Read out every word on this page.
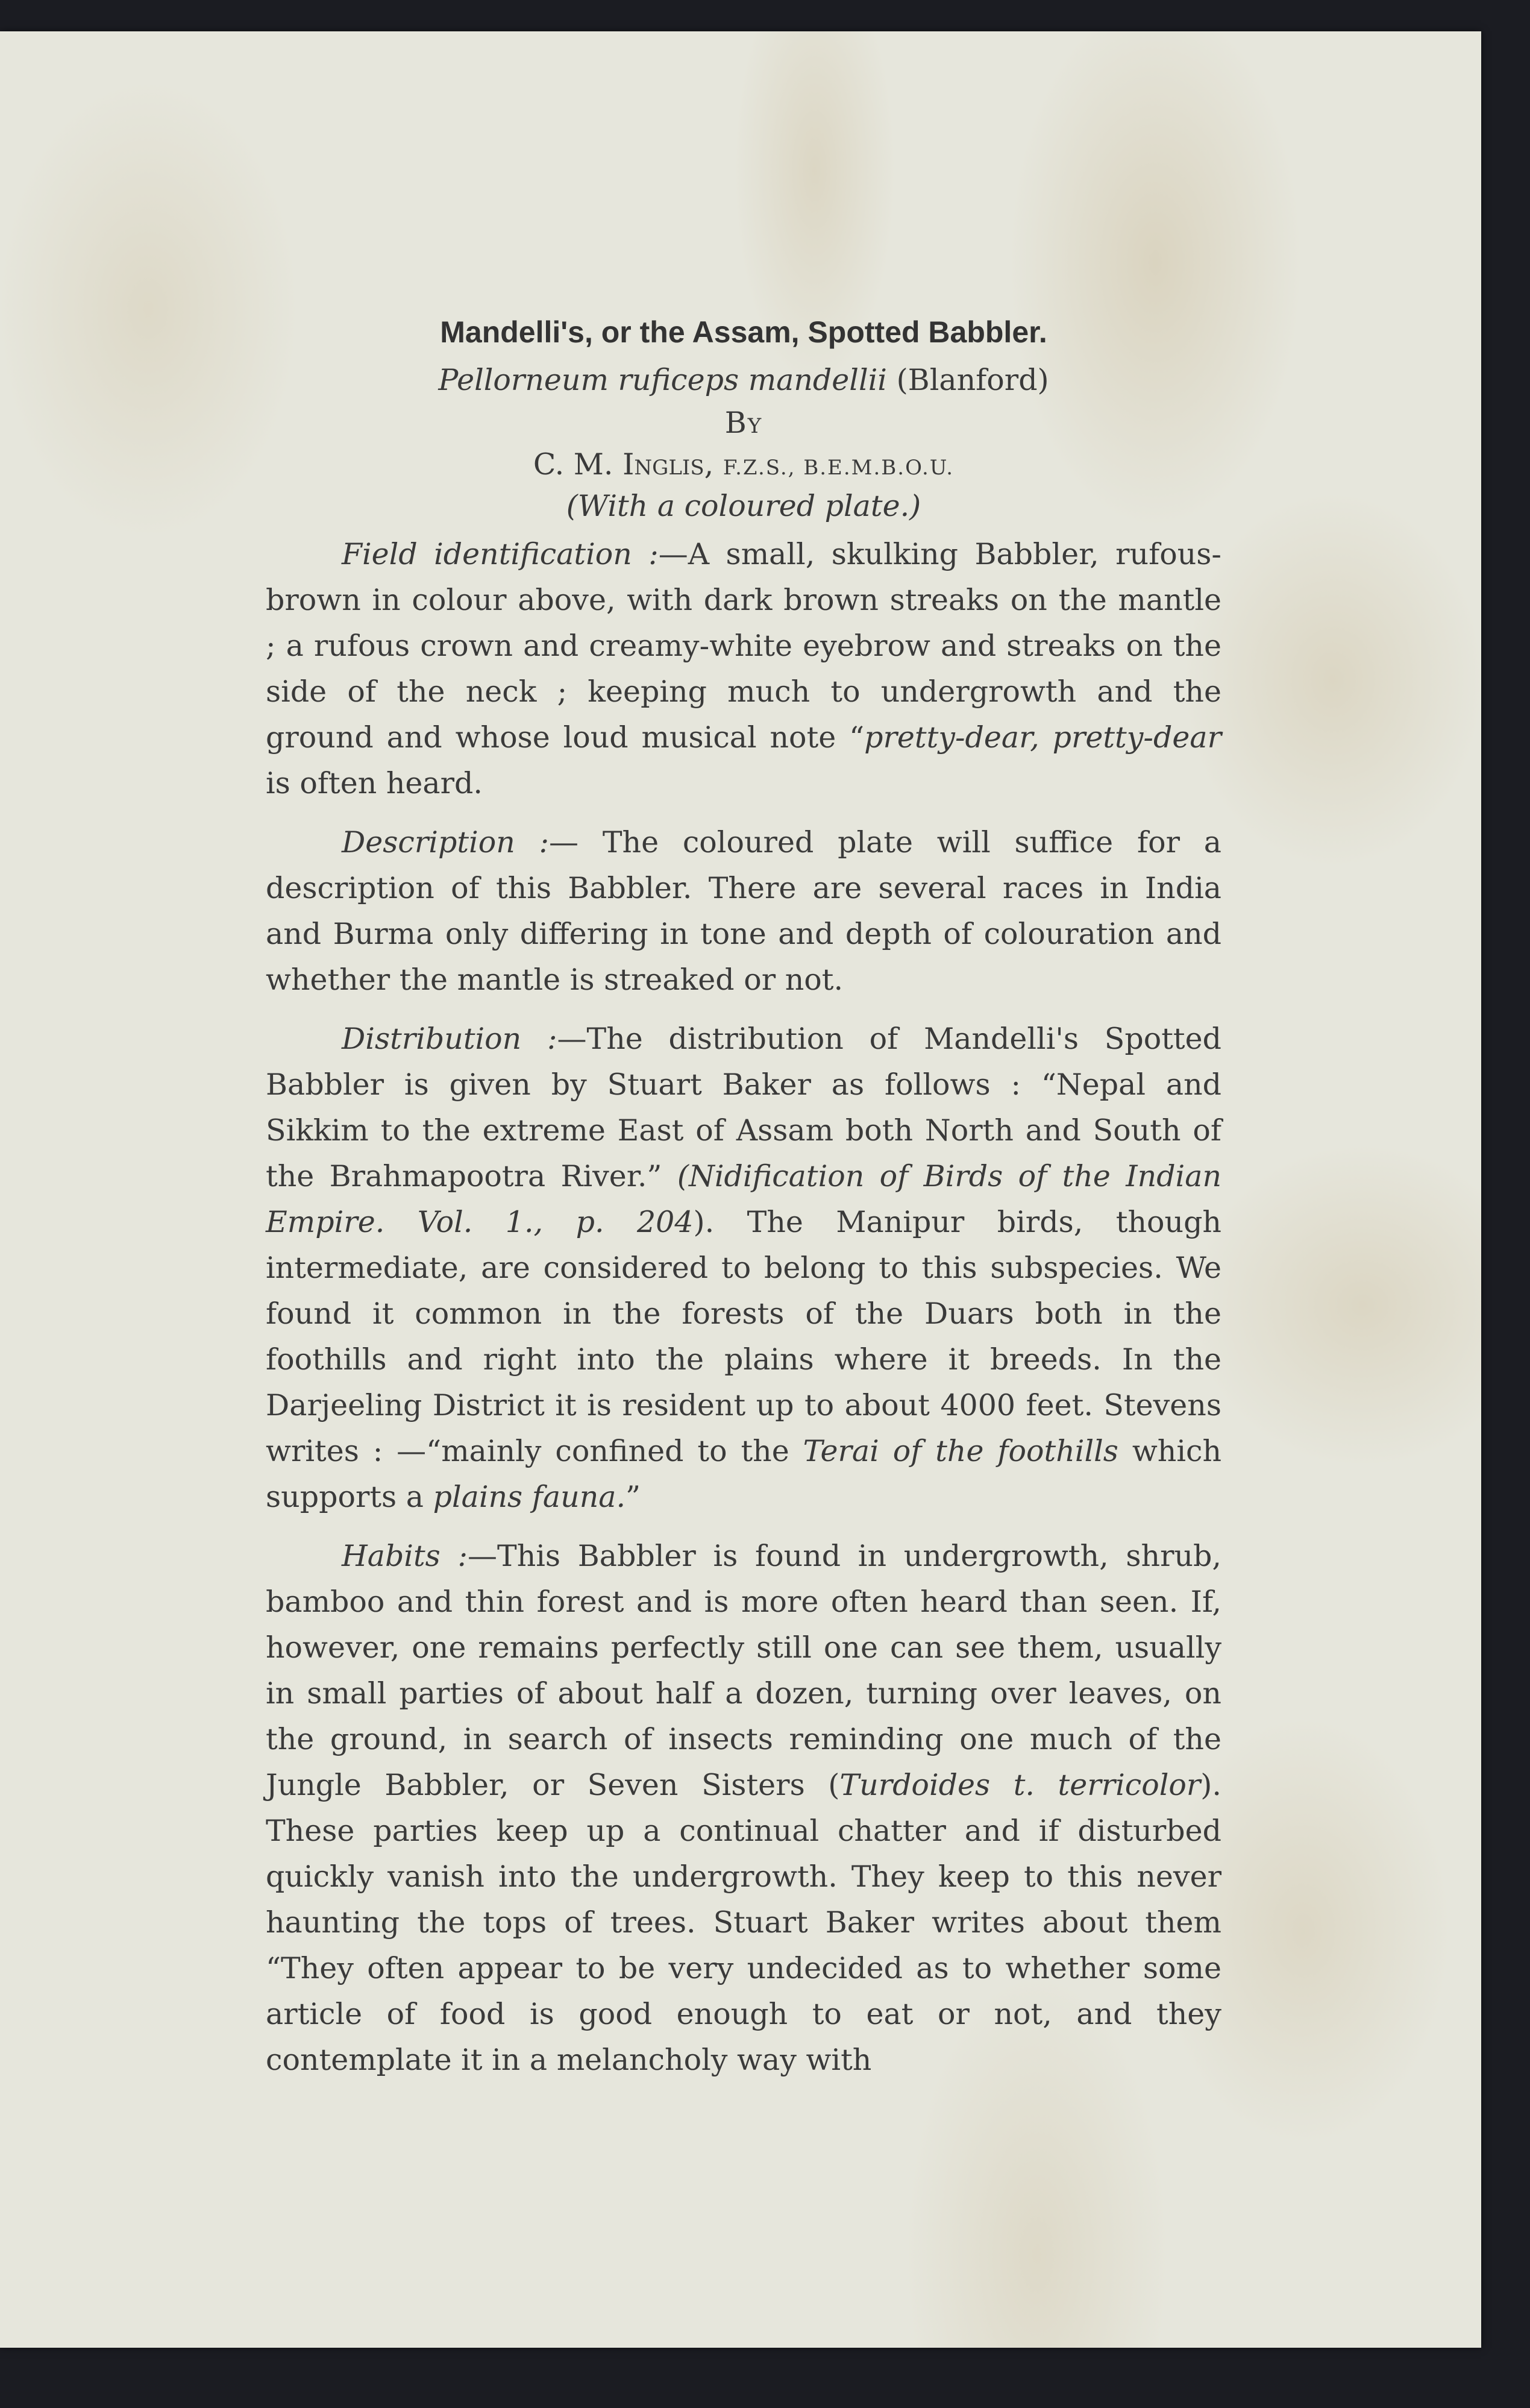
Mandelli's, or the Assam, Spotted Babbler.
Pellorneum ruficeps mandellii (Blanford)
By
C. M. Inglis, F.Z.S., B.E.M.B.O.U.
(With a coloured plate.)

Field identification :—A small, skulking Babbler, rufous-brown in colour above, with dark brown streaks on the mantle ; a rufous crown and creamy-white eyebrow and streaks on the side of the neck ; keeping much to undergrowth and the ground and whose loud musical note “pretty-dear, pretty-dear is often heard.

Description :— The coloured plate will suffice for a description of this Babbler. There are several races in India and Burma only differing in tone and depth of colouration and whether the mantle is streaked or not.

Distribution :—The distribution of Mandelli's Spotted Babbler is given by Stuart Baker as follows : “Nepal and Sikkim to the extreme East of Assam both North and South of the Brahmapootra River.” (Nidification of Birds of the Indian Empire. Vol. 1., p. 204). The Manipur birds, though intermediate, are considered to belong to this subspecies. We found it common in the forests of the Duars both in the foothills and right into the plains where it breeds. In the Darjeeling District it is resident up to about 4000 feet. Stevens writes : —“mainly confined to the Terai of the foothills which supports a plains fauna.”

Habits :—This Babbler is found in undergrowth, shrub, bamboo and thin forest and is more often heard than seen. If, however, one remains perfectly still one can see them, usually in small parties of about half a dozen, turning over leaves, on the ground, in search of insects reminding one much of the Jungle Babbler, or Seven Sisters (Turdoides t. terricolor). These parties keep up a continual chatter and if disturbed quickly vanish into the undergrowth. They keep to this never haunting the tops of trees. Stuart Baker writes about them “They often appear to be very undecided as to whether some article of food is good enough to eat or not, and they contemplate it in a melancholy way with
